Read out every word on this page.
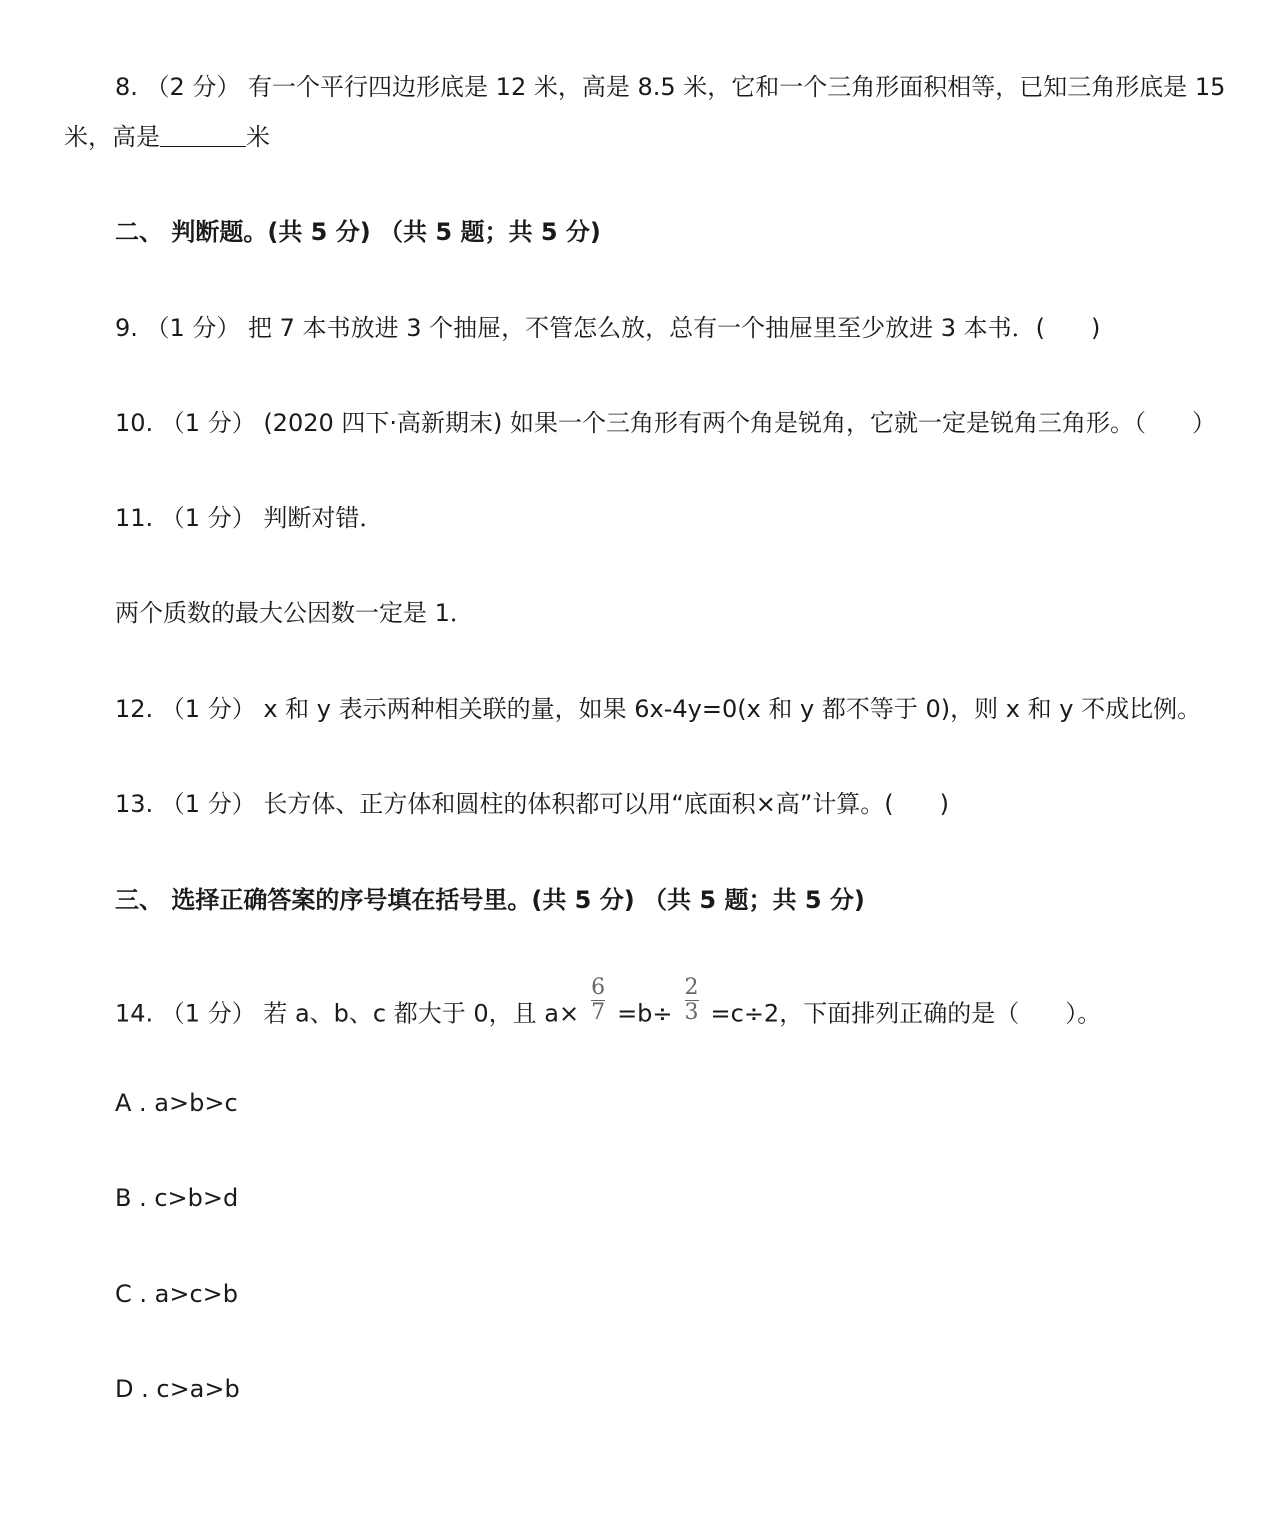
8. （2 分） 有一个平行四边形底是 12 米，高是 8.5 米，它和一个三角形面积相等，已知三角形底是 15
米，高是	米
二、 判断题。(共 5 分) （共 5 题；共 5 分)
9. （1 分） 把 7 本书放进 3 个抽屉，不管怎么放，总有一个抽屉里至少放进 3 本书．( )
10. （1 分） (2020 四下·高新期末) 如果一个三角形有两个角是锐角，它就一定是锐角三角形。（ ）
11. （1 分） 判断对错．
两个质数的最大公因数一定是 1．
12. （1 分） x 和 y 表示两种相关联的量，如果 6x-4y=0(x 和 y 都不等于 0)，则 x 和 y 不成比例。
13. （1 分） 长方体、正方体和圆柱的体积都可以用“底面积×高”计算。( )
三、 选择正确答案的序号填在括号里。(共 5 分) （共 5 题；共 5 分)
14. （1 分） 若 a、b、c 都大于 0，且 $a\times \frac{6}{7} =b\div \frac{2}{3} =c\div 2$，下面排列正确的是（ ）。
A . a>b>c
B . c>b>d
C . a>c>b
D . c>a>b
